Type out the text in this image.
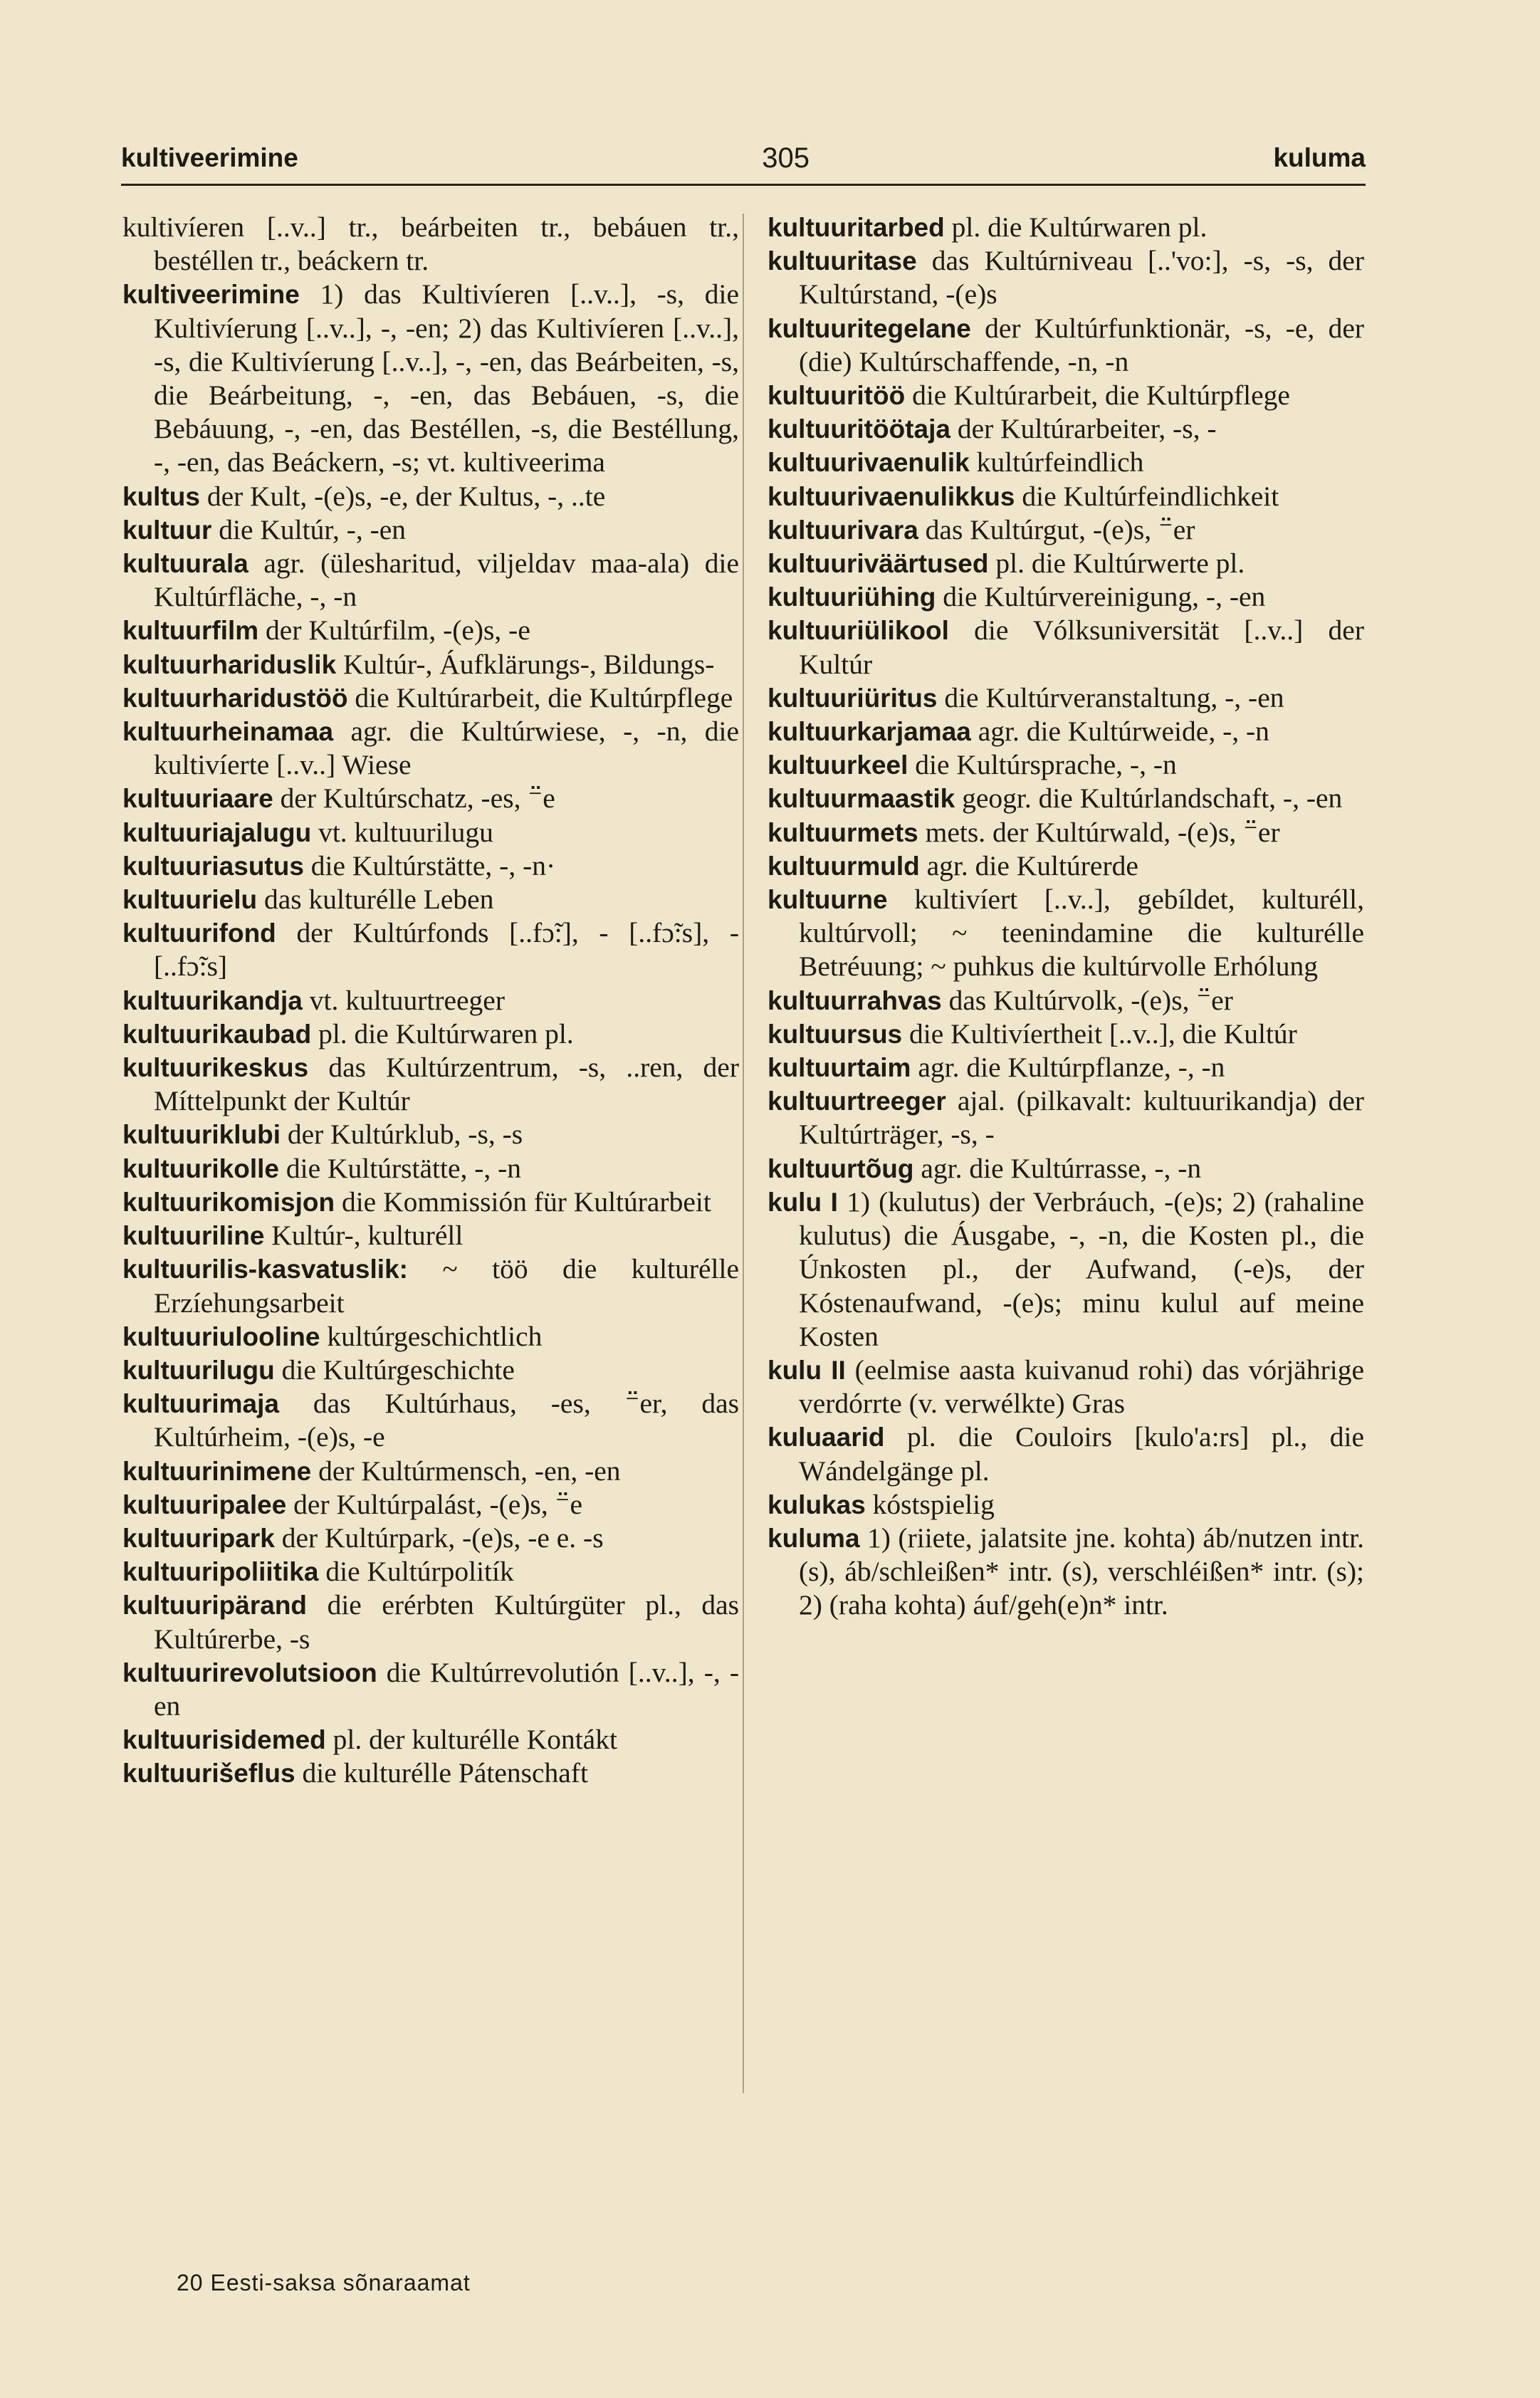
kultiveerimine	305	kuluma
kultivíeren [..v..] tr., beárbeiten tr., bebáuen tr., bestéllen tr., beáckern tr.
kultiveerimine 1) das Kultivíeren [..v..], -s, die Kultivíerung [..v..], -, -en; 2) das Kultivíeren [..v..], -s, die Kultivíerung [..v..], -, -en, das Beárbeiten, -s, die Beárbeitung, -, -en, das Bebáuen, -s, die Bebáuung, -, -en, das Bestéllen, -s, die Bestéllung, -, -en, das Beáckern, -s; vt. kultiveerima
kultus der Kult, -(e)s, -e, der Kultus, -, ..te
kultuur die Kultúr, -, -en
kultuurala agr. (ülesharitud, viljeldav maa-ala) die Kultúrfläche, -, -n
kultuurfilm der Kultúrfilm, -(e)s, -e
kultuurhariduslik Kultúr-, Áufklärungs-, Bildungs-
kultuurharidustöö die Kultúrarbeit, die Kultúrpflege
kultuurheinamaa agr. die Kultúrwiese, -, -n, die kultivíerte [..v..] Wiese
kultuuriaare der Kultúrschatz, -es, ⁻̈e
kultuuriajalugu vt. kultuurilugu
kultuuriasutus die Kultúrstätte, -, -n·
kultuurielu das kulturélle Leben
kultuurifond der Kultúrfonds [..fɔ̃:], - [..fɔ̃:s], - [..fɔ̃:s]
kultuurikandja vt. kultuurtreeger
kultuurikaubad pl. die Kultúrwaren pl.
kultuurikeskus das Kultúrzentrum, -s, ..ren, der Míttelpunkt der Kultúr
kultuuriklubi der Kultúrklub, -s, -s
kultuurikolle die Kultúrstätte, -, -n
kultuurikomisjon die Kommissión für Kultúrarbeit
kultuuriline Kultúr-, kulturéll
kultuurilis-kasvatuslik: ~ töö die kulturélle Erzíehungsarbeit
kultuuriulooline kultúrgeschichtlich
kultuurilugu die Kultúrgeschichte
kultuurimaja das Kultúrhaus, -es, ⁻̈er, das Kultúrheim, -(e)s, -e
kultuurinimene der Kultúrmensch, -en, -en
kultuuripalee der Kultúrpalást, -(e)s, ⁻̈e
kultuuripark der Kultúrpark, -(e)s, -e e. -s
kultuuripoliitika die Kultúrpolitík
kultuuripärand die erérbten Kultúrgüter pl., das Kultúrerbe, -s
kultuurirevolutsioon die Kultúrrevolutión [..v..], -, -en
kultuurisidemed pl. der kulturélle Kontákt
kultuurišeflus die kulturélle Pátenschaft
kultuuritarbed pl. die Kultúrwaren pl.
kultuuritase das Kultúrniveau [..'vo:], -s, -s, der Kultúrstand, -(e)s
kultuuritegelane der Kultúrfunktionär, -s, -e, der (die) Kultúrschaffende, -n, -n
kultuuritöö die Kultúrarbeit, die Kultúrpflege
kultuuritöötaja der Kultúrarbeiter, -s, -
kultuurivaenulik kultúrfeindlich
kultuurivaenulikkus die Kultúrfeindlichkeit
kultuurivara das Kultúrgut, -(e)s, ⁻̈er
kultuuriväärtused pl. die Kultúrwerte pl.
kultuuriühing die Kultúrvereinigung, -, -en
kultuuriülikool die Vólksuniversität [..v..] der Kultúr
kultuuriüritus die Kultúrveranstaltung, -, -en
kultuurkarjamaa agr. die Kultúrweide, -, -n
kultuurkeel die Kultúrsprache, -, -n
kultuurmaastik geogr. die Kultúrlandschaft, -, -en
kultuurmets mets. der Kultúrwald, -(e)s, ⁻̈er
kultuurmuld agr. die Kultúrerde
kultuurne kultivíert [..v..], gebíldet, kulturéll, kultúrvoll; ~ teenindamine die kulturélle Betréuung; ~ puhkus die kultúrvolle Erhólung
kultuurrahvas das Kultúrvolk, -(e)s, ⁻̈er
kultuursus die Kultivíertheit [..v..], die Kultúr
kultuurtaim agr. die Kultúrpflanze, -, -n
kultuurtreeger ajal. (pilkavalt: kultuurikandja) der Kultúrträger, -s, -
kultuurtõug agr. die Kultúrrasse, -, -n
kulu I 1) (kulutus) der Verbráuch, -(e)s; 2) (rahaline kulutus) die Áusgabe, -, -n, die Kosten pl., die Únkosten pl., der Aufwand, (-e)s, der Kóstenaufwand, -(e)s; minu kulul auf meine Kosten
kulu II (eelmise aasta kuivanud rohi) das vórjährige verdórrte (v. verwélkte) Gras
kuluaarid pl. die Couloirs [kulo'a:rs] pl., die Wándelgänge pl.
kulukas kóstspielig
kuluma 1) (riiete, jalatsite jne. kohta) áb/nutzen intr. (s), áb/schleißen* intr. (s), verschléißen* intr. (s); 2) (raha kohta) áuf/geh(e)n* intr.
20 Eesti-saksa sõnaraamat
